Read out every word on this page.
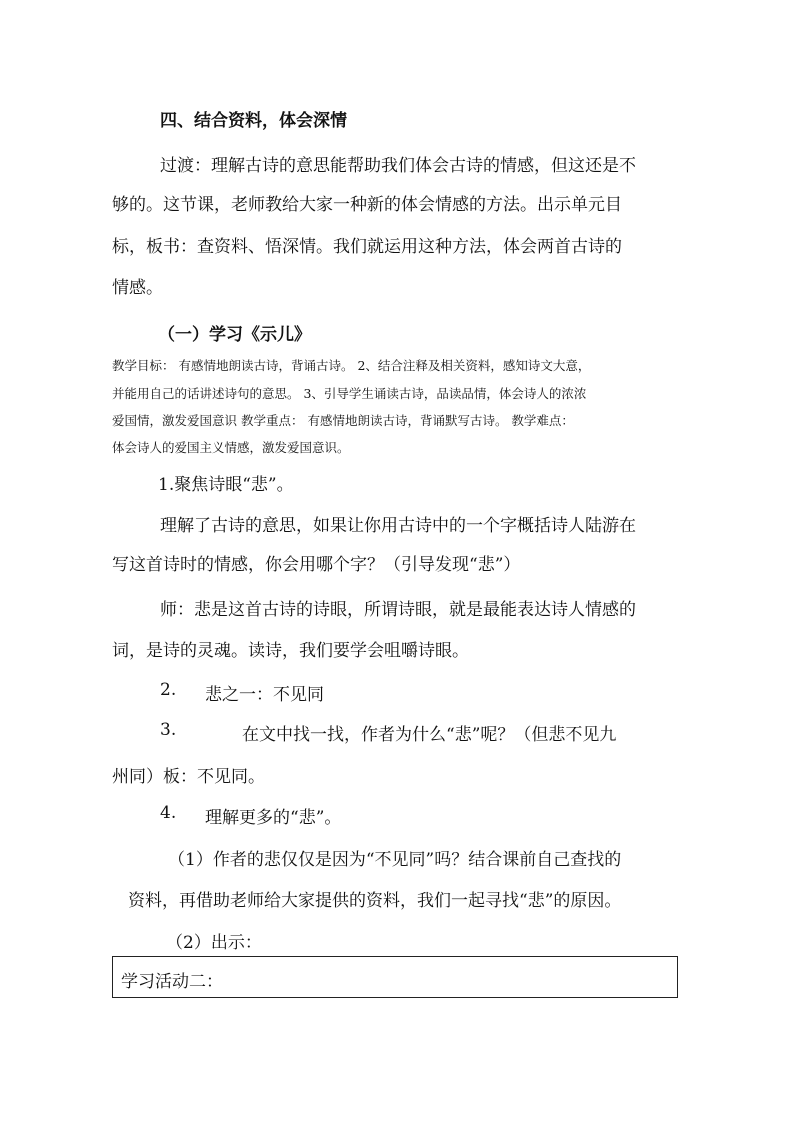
四、结合资料，体会深情
过渡：理解古诗的意思能帮助我们体会古诗的情感，但这还是不
够的。这节课，老师教给大家一种新的体会情感的方法。出示单元目
标，板书：查资料、悟深情。我们就运用这种方法，体会两首古诗的
情感。
（一）学习《示儿》
教学目标： 有感情地朗读古诗，背诵古诗。 2、结合注释及相关资料，感知诗文大意，
并能用自己的话讲述诗句的意思。 3、引导学生诵读古诗，品读品情，体会诗人的浓浓
爱国情，激发爱国意识 教学重点： 有感情地朗读古诗，背诵默写古诗。 教学难点：
体会诗人的爱国主义情感，激发爱国意识。
1.聚焦诗眼“悲”。
理解了古诗的意思，如果让你用古诗中的一个字概括诗人陆游在
写这首诗时的情感，你会用哪个字？（引导发现“悲”）
师：悲是这首古诗的诗眼，所谓诗眼，就是最能表达诗人情感的
词，是诗的灵魂。读诗，我们要学会咀嚼诗眼。
2. 悲之一：不见同
3.	在文中找一找，作者为什么“悲”呢？（但悲不见九
州同）板：不见同。
4. 理解更多的“悲”。
（1）作者的悲仅仅是因为“不见同”吗？结合课前自己查找的
资料，再借助老师给大家提供的资料，我们一起寻找“悲”的原因。
（2）出示：
学习活动二：
